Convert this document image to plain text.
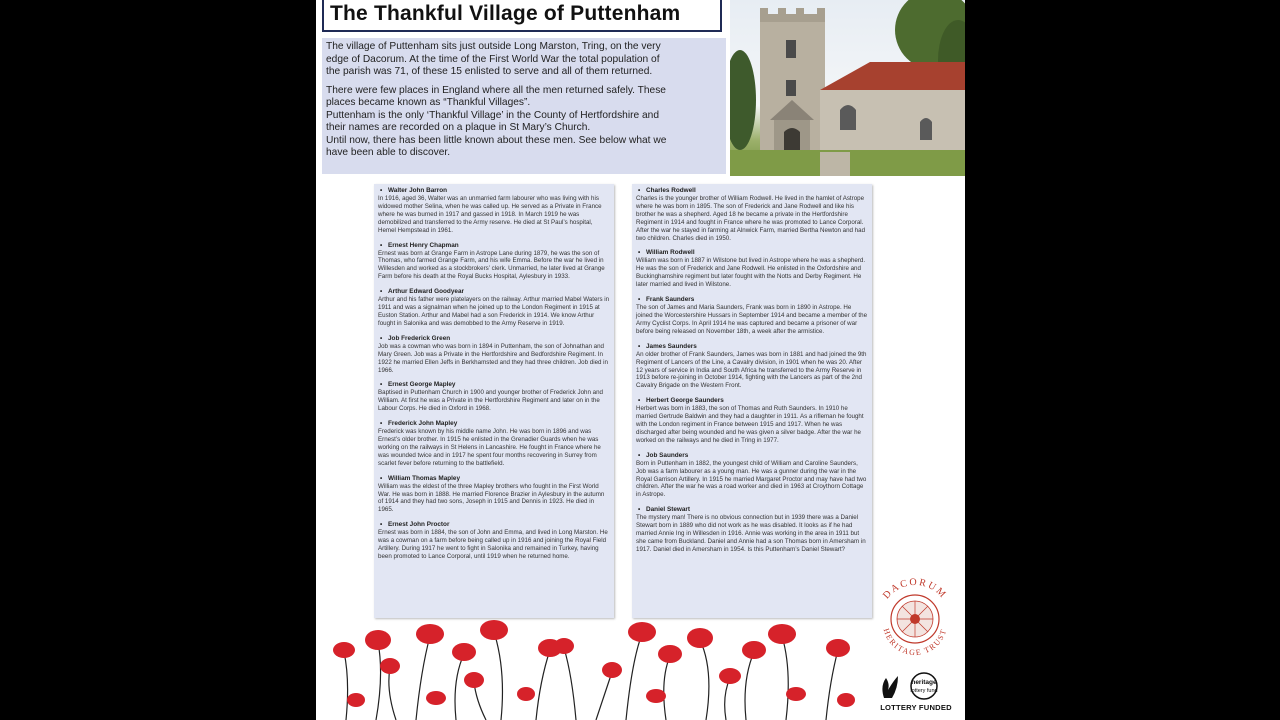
The Thankful Village of Puttenham

The village of Puttenham sits just outside Long Marston, Tring, on the very
edge of Dacorum. At the time of the First World War the total population of
the parish was 71, of these 15 enlisted to serve and all of them returned.

There were few places in England where all the men returned safely. These
places became known as “Thankful Villages”.
Puttenham is the only ‘Thankful Village’ in the County of Hertfordshire and
their names are recorded on a plaque in St Mary’s Church.
Until now, there has been little known about these men. See below what we
have been able to discover.

• Walter John Barron
In 1916, aged 36, Walter was an unmarried farm labourer who was living with his widowed mother Selina, when he was called up. He served as a Private in France where he was burned in 1917 and gassed in 1918. In March 1919 he was demobilized and transferred to the Army reserve. He died at St Paul’s hospital, Hemel Hempstead in 1961.
• Ernest Henry Chapman
Ernest was born at Grange Farm in Astrope Lane during 1879, he was the son of Thomas, who farmed Grange Farm, and his wife Emma. Before the war he lived in Willesden and worked as a stockbrokers’ clerk. Unmarried, he later lived at Grange Farm before his death at the Royal Bucks Hospital, Aylesbury in 1933.
• Arthur Edward Goodyear
Arthur and his father were platelayers on the railway. Arthur married Mabel Waters in 1911 and was a signalman when he joined up to the London Regiment in 1915 at Euston Station. Arthur and Mabel had a son Frederick in 1914. We know Arthur fought in Salonika and was demobbed to the Army Reserve in 1919.
• Job Frederick Green
Job was a cowman who was born in 1894 in Puttenham, the son of Johnathan and Mary Green. Job was a Private in the Hertfordshire and Bedfordshire Regiment. In 1922 he married Ellen Jeffs in Berkhamsted and they had three children. Job died in 1966.
• Ernest George Mapley
Baptised in Puttenham Church in 1900 and younger brother of Frederick John and William. At first he was a Private in the Hertfordshire Regiment and later on in the Labour Corps. He died in Oxford in 1968.
• Frederick John Mapley
Frederick was known by his middle name John. He was born in 1896 and was Ernest’s older brother. In 1915 he enlisted in the Grenadier Guards when he was working on the railways in St Helens in Lancashire. He fought in France where he was wounded twice and in 1917 he spent four months recovering in Surrey from scarlet fever before returning to the battlefield.
• William Thomas Mapley
William was the eldest of the three Mapley brothers who fought in the First World War. He was born in 1888. He married Florence Brazier in Aylesbury in the autumn of 1914 and they had two sons, Joseph in 1915 and Dennis in 1923. He died in 1965.
• Ernest John Proctor
Ernest was born in 1884, the son of John and Emma, and lived in Long Marston. He was a cowman on a farm before being called up in 1916 and joining the Royal Field Artillery. During 1917 he went to fight in Salonika and remained in Turkey, having been promoted to Lance Corporal, until 1919 when he returned home.
• Charles Rodwell
Charles is the younger brother of William Rodwell. He lived in the hamlet of Astrope where he was born in 1895. The son of Frederick and Jane Rodwell and like his brother he was a shepherd. Aged 18 he became a private in the Hertfordshire Regiment in 1914 and fought in France where he was promoted to Lance Corporal. After the war he stayed in farming at Alnwick Farm, married Bertha Newton and had two children. Charles died in 1950.
• William Rodwell
William was born in 1887 in Wilstone but lived in Astrope where he was a shepherd. He was the son of Frederick and Jane Rodwell. He enlisted in the Oxfordshire and Buckinghamshire regiment but later fought with the Notts and Derby Regiment. He later married and lived in Wilstone.
• Frank Saunders
The son of James and Maria Saunders, Frank was born in 1890 in Astrope. He joined the Worcestershire Hussars in September 1914 and became a member of the Army Cyclist Corps. In April 1914 he was captured and became a prisoner of war before being released on November 18th, a week after the armistice.
• James Saunders
An older brother of Frank Saunders, James was born in 1881 and had joined the 9th Regiment of Lancers of the Line, a Cavalry division, in 1901 when he was 20. After 12 years of service in India and South Africa he transferred to the Army Reserve in 1913 before re-joining in October 1914, fighting with the Lancers as part of the 2nd Cavalry Brigade on the Western Front.
• Herbert George Saunders
Herbert was born in 1883, the son of Thomas and Ruth Saunders. In 1910 he married Gertrude Baldwin and they had a daughter in 1911. As a rifleman he fought with the London regiment in France between 1915 and 1917. When he was discharged after being wounded and he was given a silver badge. After the war he worked on the railways and he died in Tring in 1977.
• Job Saunders
Born in Puttenham in 1882, the youngest child of William and Caroline Saunders, Job was a farm labourer as a young man. He was a gunner during the war in the Royal Garrison Artillery. In 1915 he married Margaret Proctor and may have had two children. After the war he was a road worker and died in 1963 at Croythorn Cottage in Astrope.
• Daniel Stewart
The mystery man! There is no obvious connection but in 1939 there was a Daniel Stewart born in 1889 who did not work as he was disabled. It looks as if he had married Annie Ing in Willesden in 1916. Annie was working in the area in 1911 but she came from Buckland. Daniel and Annie had a son Thomas born in Amersham in 1917. Daniel died in Amersham in 1954. Is this Puttenham’s Daniel Stewart?
DACORUM
HERITAGE TRUST
heritage
lottery fund
LOTTERY FUNDED
